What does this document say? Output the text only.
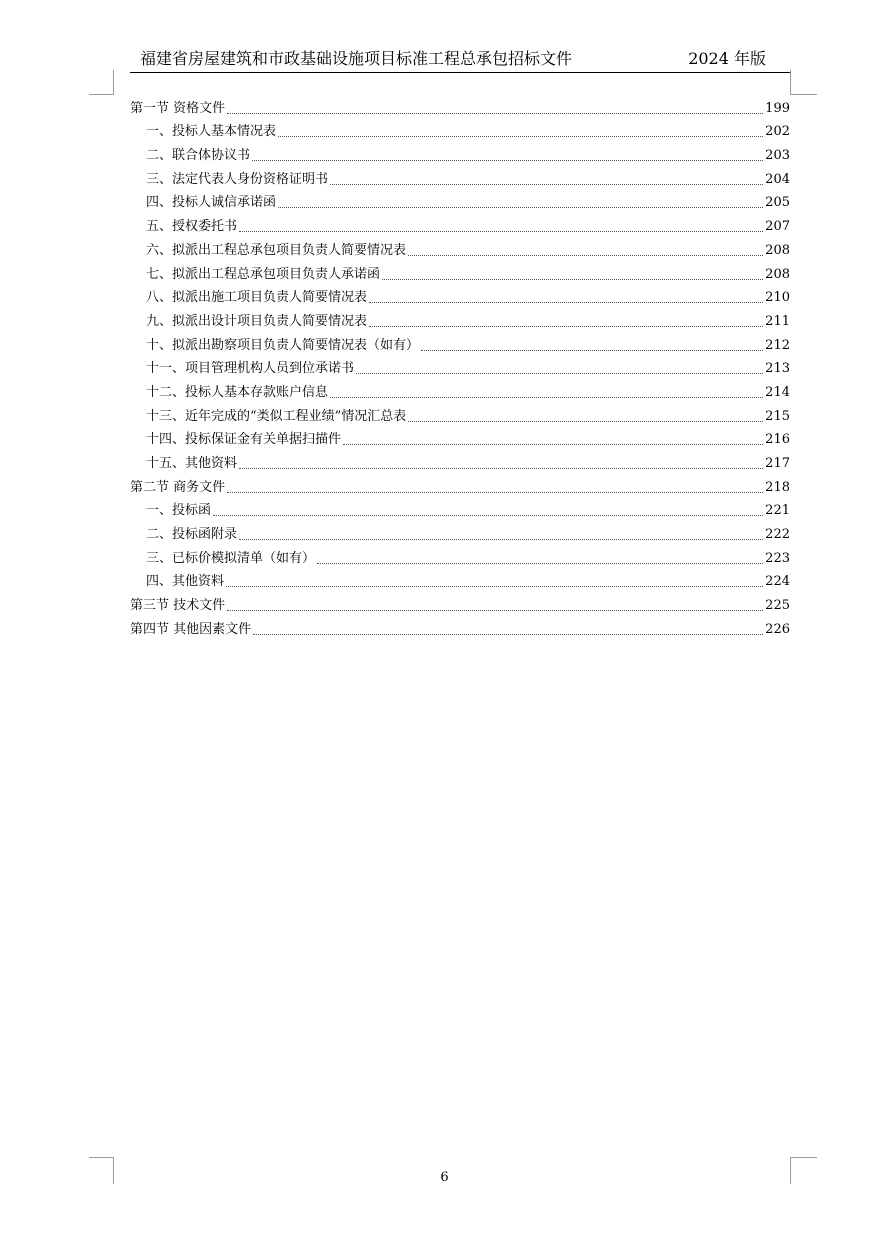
福建省房屋建筑和市政基础设施项目标准工程总承包招标文件	2024 年版
第一节 资格文件	199
一、投标人基本情况表	202
二、联合体协议书	203
三、法定代表人身份资格证明书	204
四、投标人诚信承诺函	205
五、授权委托书	207
六、拟派出工程总承包项目负责人简要情况表	208
七、拟派出工程总承包项目负责人承诺函	208
八、拟派出施工项目负责人简要情况表	210
九、拟派出设计项目负责人简要情况表	211
十、拟派出勘察项目负责人简要情况表（如有）	212
十一、项目管理机构人员到位承诺书	213
十二、投标人基本存款账户信息	214
十三、近年完成的“类似工程业绩”情况汇总表	215
十四、投标保证金有关单据扫描件	216
十五、其他资料	217
第二节 商务文件	218
一、投标函	221
二、投标函附录	222
三、已标价模拟清单（如有）	223
四、其他资料	224
第三节 技术文件	225
第四节 其他因素文件	226
6
